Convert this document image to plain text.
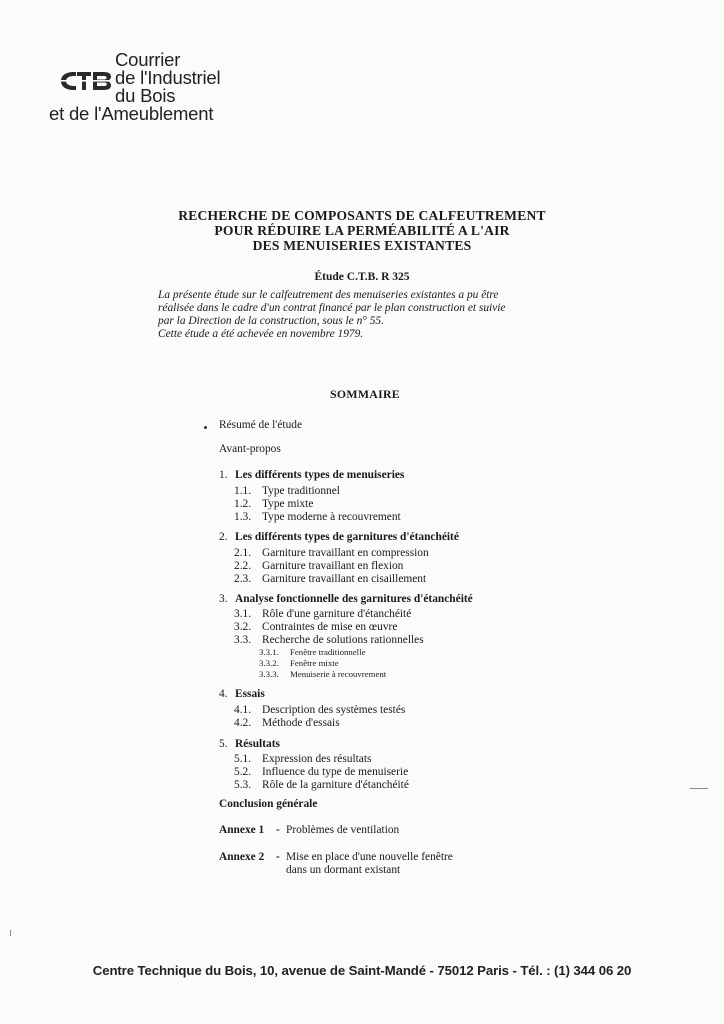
Courrier
de l'Industriel
du Bois
et de l'Ameublement
RECHERCHE DE COMPOSANTS DE CALFEUTREMENT
POUR RÉDUIRE LA PERMÉABILITÉ A L'AIR
DES MENUISERIES EXISTANTES
Étude C.T.B. R 325
La présente étude sur le calfeutrement des menuiseries existantes a pu être
réalisée dans le cadre d'un contrat financé par le plan construction et suivie
par la Direction de la construction, sous le n° 55.
Cette étude a été achevée en novembre 1979.
SOMMAIRE
Résumé de l'étude
Avant-propos
1. Les différents types de menuiseries
1.1. Type traditionnel
1.2. Type mixte
1.3. Type moderne à recouvrement
2. Les différents types de garnitures d'étanchéité
2.1. Garniture travaillant en compression
2.2. Garniture travaillant en flexion
2.3. Garniture travaillant en cisaillement
3. Analyse fonctionnelle des garnitures d'étanchéité
3.1. Rôle d'une garniture d'étanchéité
3.2. Contraintes de mise en œuvre
3.3. Recherche de solutions rationnelles
3.3.1. Fenêtre traditionnelle
3.3.2. Fenêtre mixte
3.3.3. Menuiserie à recouvrement
4. Essais
4.1. Description des systèmes testés
4.2. Méthode d'essais
5. Résultats
5.1. Expression des résultats
5.2. Influence du type de menuiserie
5.3. Rôle de la garniture d'étanchéité
Conclusion générale
Annexe 1 - Problèmes de ventilation
Annexe 2 - Mise en place d'une nouvelle fenêtre
dans un dormant existant
Centre Technique du Bois, 10, avenue de Saint-Mandé - 75012 Paris - Tél. : (1) 344 06 20
